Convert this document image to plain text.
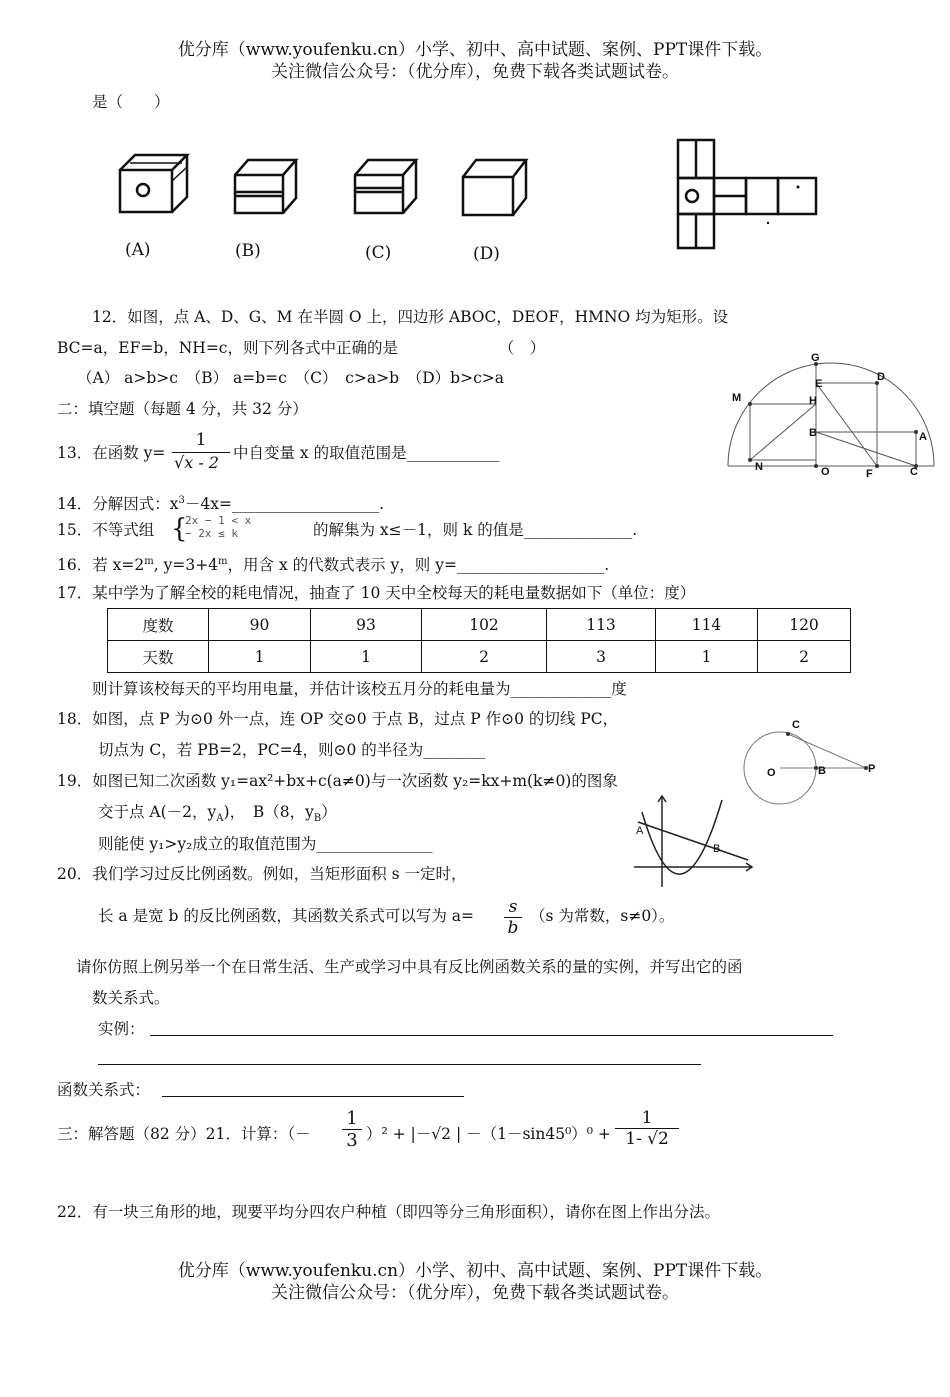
优分库（www.youfenku.cn）小学、初中、高中试题、案例、PPT课件下载。
关注微信公众号：（优分库），免费下载各类试题试卷。
是（　　）
(A)	(B)	(C)	(D)
12．如图，点 A、D、G、M 在半圆 O 上，四边形 ABOC，DEOF，HMNO 均为矩形。设
BC=a，EF=b，NH=c，则下列各式中正确的是　　　　　　　（　）
（A） a>b>c　（B） a=b=c　（C）　c>a>b　（D）b>c>a
G
D
E
M	H
B	A
N	O	F	C
二：填空题（每题 4 分，共 32 分）
13．在函数 $y= \frac{1}{√x - 2}$ 中自变量 x 的取值范围是____________
14．分解因式：$x^3-4x=\_\_\_\_\_\_\_\_\_\_\_\_\_\_\_\_\_\_\_$.
15．不等式组 {
2x − 1 < x
− 2x ≤ k	的解集为 x≤－1，则 k 的值是______________.
16．若 $x=2^m$, $y=3+4^m$，用含 x 的代数式表示 y，则 y=___________________.
17．某中学为了解全校的耗电情况，抽查了 10 天中全校每天的耗电量数据如下（单位：度）
度数	90	93	102	113	114	120
天数	1	1	2	3	1	2
则计算该校每天的平均用电量，并估计该校五月分的耗电量为_____________度
18．如图，点 P 为⊙0 外一点，连 OP 交⊙0 于点 B，过点 P 作⊙0 的切线 PC，
切点为 C，若 PB=2，PC=4，则⊙0 的半径为________
C
O	B	P
19．如图已知二次函数 y₁=ax²+bx+c(a≠0)与一次函数 y₂=kx+m(k≠0)的图象
交于点 A(－2，$y_A$)，　B（8，$y_B$）
则能使 y₁>y₂成立的取值范围为_______________
A
B
20．我们学习过反比例函数。例如，当矩形面积 s 一定时，
长 a 是宽 b 的反比例函数，其函数关系式可以写为 $a= \frac{s}{b} (s$ 为常数，s≠0）。
请你仿照上例另举一个在日常生活、生产或学习中具有反比例函数关系的量的实例，并写出它的函
数关系式。
实例：
函数关系式：
三：解答题（82 分）21．计算：（－ $\frac{1}{3} )^2 + |-√2$ | $-(1-\sin 45^0)^0 + \frac{1}{1- √2}$
22．有一块三角形的地，现要平均分四农户种植（即四等分三角形面积），请你在图上作出分法。
优分库（www.youfenku.cn）小学、初中、高中试题、案例、PPT课件下载。
关注微信公众号：（优分库），免费下载各类试题试卷。
